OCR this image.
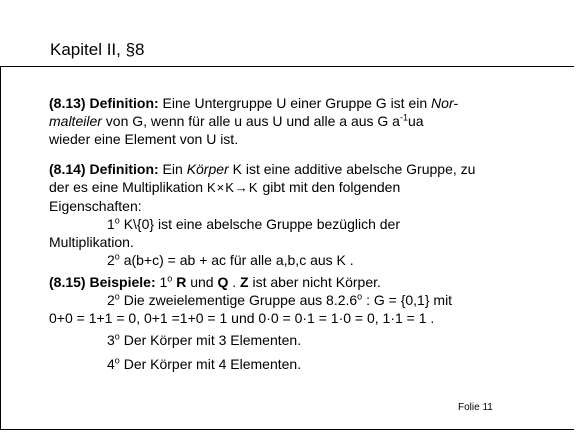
Kapitel II, §8

(8.13) Definition: Eine Untergruppe U einer Gruppe G ist ein Nor-
malteiler von G, wenn für alle u aus U und alle a aus G $a^{-1}ua$
wieder eine Element von U ist.

(8.14) Definition: Ein Körper K ist eine additive abelsche Gruppe, zu
der es eine Multiplikation K×K→K gibt mit den folgenden
Eigenschaften:
1$^o$ K\{0} ist eine abelsche Gruppe bezüglich der
Multiplikation.
2$^o$ a(b+c) = ab + ac für alle a,b,c aus K .

(8.15) Beispiele: 1$^o$ R und Q . Z ist aber nicht Körper.
2$^o$ Die zweielementige Gruppe aus 8.2.6$^o$ : G = {0,1} mit
0+0 = 1+1 = 0, 0+1 =1+0 = 1 und 0·0 = 0·1 = 1·0 = 0, 1·1 = 1 .

3$^o$ Der Körper mit 3 Elementen.

4$^o$ Der Körper mit 4 Elementen.

Folie 11
